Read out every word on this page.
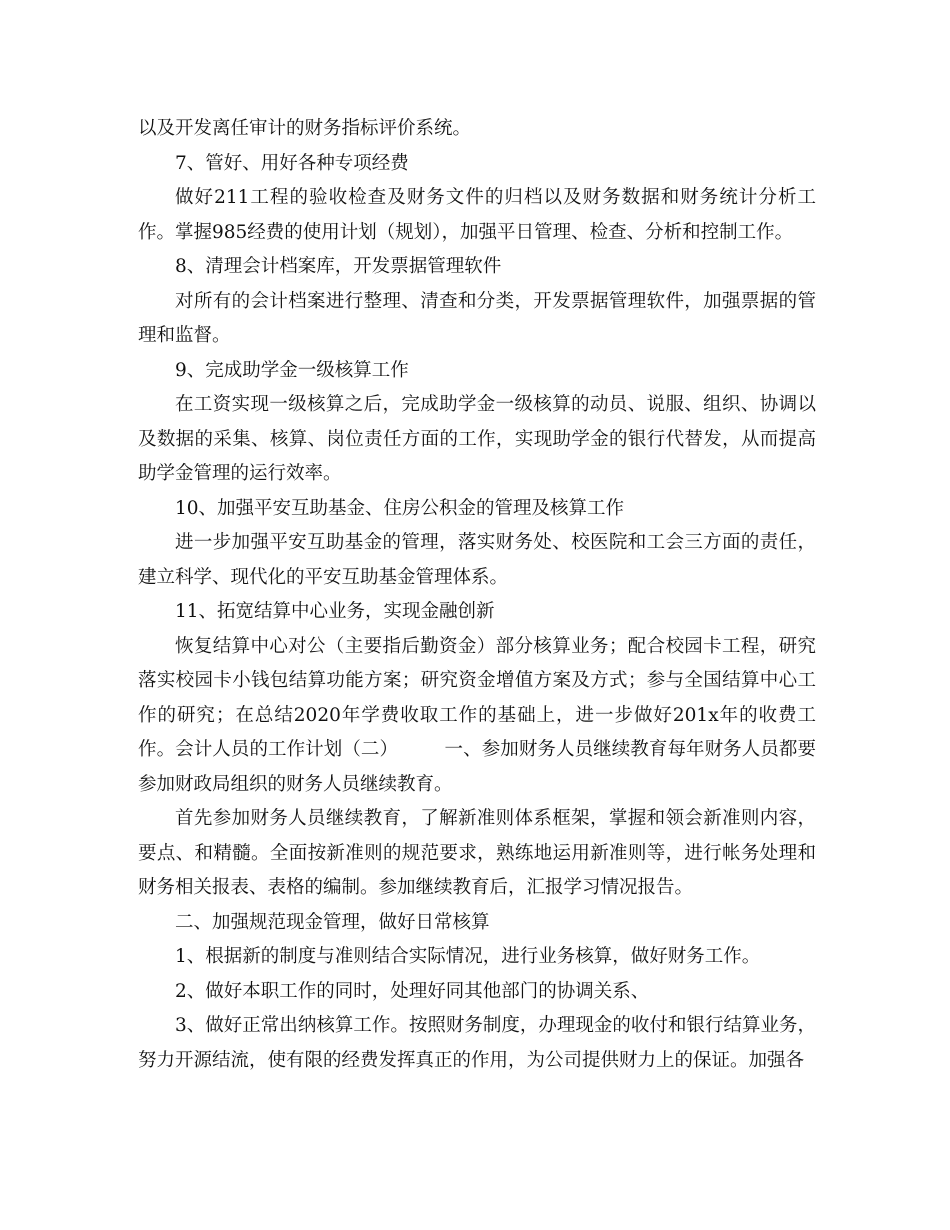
以及开发离任审计的财务指标评价系统。

7、管好、用好各种专项经费

做好211工程的验收检查及财务文件的归档以及财务数据和财务统计分析工作。掌握985经费的使用计划（规划），加强平日管理、检查、分析和控制工作。

8、清理会计档案库，开发票据管理软件

对所有的会计档案进行整理、清查和分类，开发票据管理软件，加强票据的管理和监督。

9、完成助学金一级核算工作

在工资实现一级核算之后，完成助学金一级核算的动员、说服、组织、协调以及数据的采集、核算、岗位责任方面的工作，实现助学金的银行代替发，从而提高助学金管理的运行效率。

10、加强平安互助基金、住房公积金的管理及核算工作

进一步加强平安互助基金的管理，落实财务处、校医院和工会三方面的责任，建立科学、现代化的平安互助基金管理体系。

11、拓宽结算中心业务，实现金融创新

恢复结算中心对公（主要指后勤资金）部分核算业务；配合校园卡工程，研究落实校园卡小钱包结算功能方案；研究资金增值方案及方式；参与全国结算中心工作的研究；在总结2020年学费收取工作的基础上，进一步做好201x年的收费工作。会计人员的工作计划（二）　　　一、参加财务人员继续教育每年财务人员都要参加财政局组织的财务人员继续教育。

首先参加财务人员继续教育，了解新准则体系框架，掌握和领会新准则内容，要点、和精髓。全面按新准则的规范要求，熟练地运用新准则等，进行帐务处理和财务相关报表、表格的编制。参加继续教育后，汇报学习情况报告。

二、加强规范现金管理，做好日常核算

1、根据新的制度与准则结合实际情况，进行业务核算，做好财务工作。

2、做好本职工作的同时，处理好同其他部门的协调关系、

3、做好正常出纳核算工作。按照财务制度，办理现金的收付和银行结算业务，努力开源结流，使有限的经费发挥真正的作用，为公司提供财力上的保证。加强各
